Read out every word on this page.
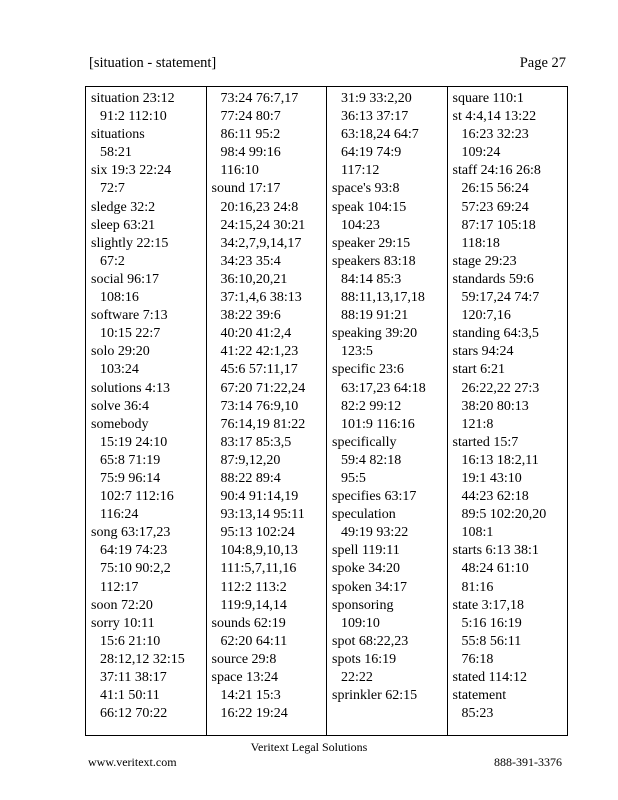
[situation - statement]	Page 27
situation 23:12
91:2 112:10
situations
58:21
six 19:3 22:24
72:7
sledge 32:2
sleep 63:21
slightly 22:15
67:2
social 96:17
108:16
software 7:13
10:15 22:7
solo 29:20
103:24
solutions 4:13
solve 36:4
somebody
15:19 24:10
65:8 71:19
75:9 96:14
102:7 112:16
116:24
song 63:17,23
64:19 74:23
75:10 90:2,2
112:17
soon 72:20
sorry 10:11
15:6 21:10
28:12,12 32:15
37:11 38:17
41:1 50:11
66:12 70:22
73:24 76:7,17
77:24 80:7
86:11 95:2
98:4 99:16
116:10
sound 17:17
20:16,23 24:8
24:15,24 30:21
34:2,7,9,14,17
34:23 35:4
36:10,20,21
37:1,4,6 38:13
38:22 39:6
40:20 41:2,4
41:22 42:1,23
45:6 57:11,17
67:20 71:22,24
73:14 76:9,10
76:14,19 81:22
83:17 85:3,5
87:9,12,20
88:22 89:4
90:4 91:14,19
93:13,14 95:11
95:13 102:24
104:8,9,10,13
111:5,7,11,16
112:2 113:2
119:9,14,14
sounds 62:19
62:20 64:11
source 29:8
space 13:24
14:21 15:3
16:22 19:24
31:9 33:2,20
36:13 37:17
63:18,24 64:7
64:19 74:9
117:12
space's 93:8
speak 104:15
104:23
speaker 29:15
speakers 83:18
84:14 85:3
88:11,13,17,18
88:19 91:21
speaking 39:20
123:5
specific 23:6
63:17,23 64:18
82:2 99:12
101:9 116:16
specifically
59:4 82:18
95:5
specifies 63:17
speculation
49:19 93:22
spell 119:11
spoke 34:20
spoken 34:17
sponsoring
109:10
spot 68:22,23
spots 16:19
22:22
sprinkler 62:15
square 110:1
st 4:4,14 13:22
16:23 32:23
109:24
staff 24:16 26:8
26:15 56:24
57:23 69:24
87:17 105:18
118:18
stage 29:23
standards 59:6
59:17,24 74:7
120:7,16
standing 64:3,5
stars 94:24
start 6:21
26:22,22 27:3
38:20 80:13
121:8
started 15:7
16:13 18:2,11
19:1 43:10
44:23 62:18
89:5 102:20,20
108:1
starts 6:13 38:1
48:24 61:10
81:16
state 3:17,18
5:16 16:19
55:8 56:11
76:18
stated 114:12
statement
85:23
Veritext Legal Solutions
www.veritext.com	888-391-3376
